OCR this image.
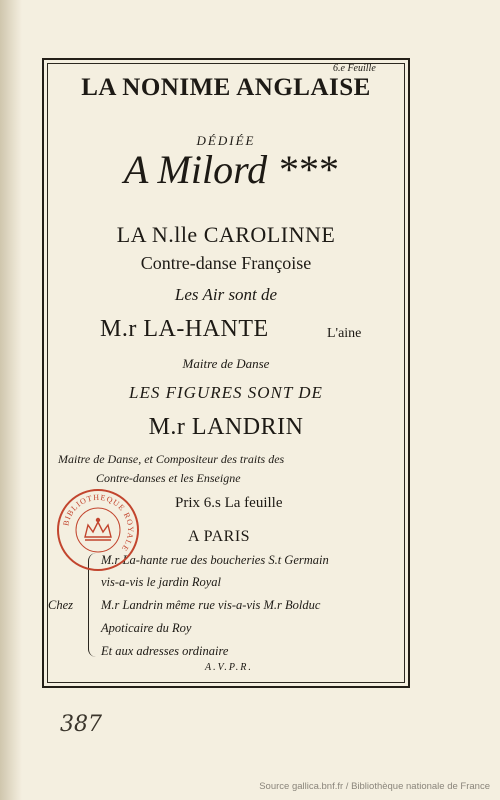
6.e Feuille
LA NONIME ANGLAISE
DÉDIÉE
A Milord ***
LA N.lle CAROLINNE
Contre-danse Françoise
Les Air sont de
M.r LA-HANTE	L'aine
Maitre de Danse
LES FIGURES SONT DE
M.r LANDRIN
Maitre de Danse, et Compositeur des traits des
Contre-danses et les Enseigne
Prix 6.s La feuille
A PARIS
Chez
M.r La-hante rue des boucheries S.t Germain
vis-a-vis le jardin Royal
M.r Landrin même rue vis-a-vis M.r Bolduc
Apoticaire du Roy
Et aux adresses ordinaire
A.V.P.R.
BIBLIOTHEQUE ROYALE
387
Source gallica.bnf.fr / Bibliothèque nationale de France
